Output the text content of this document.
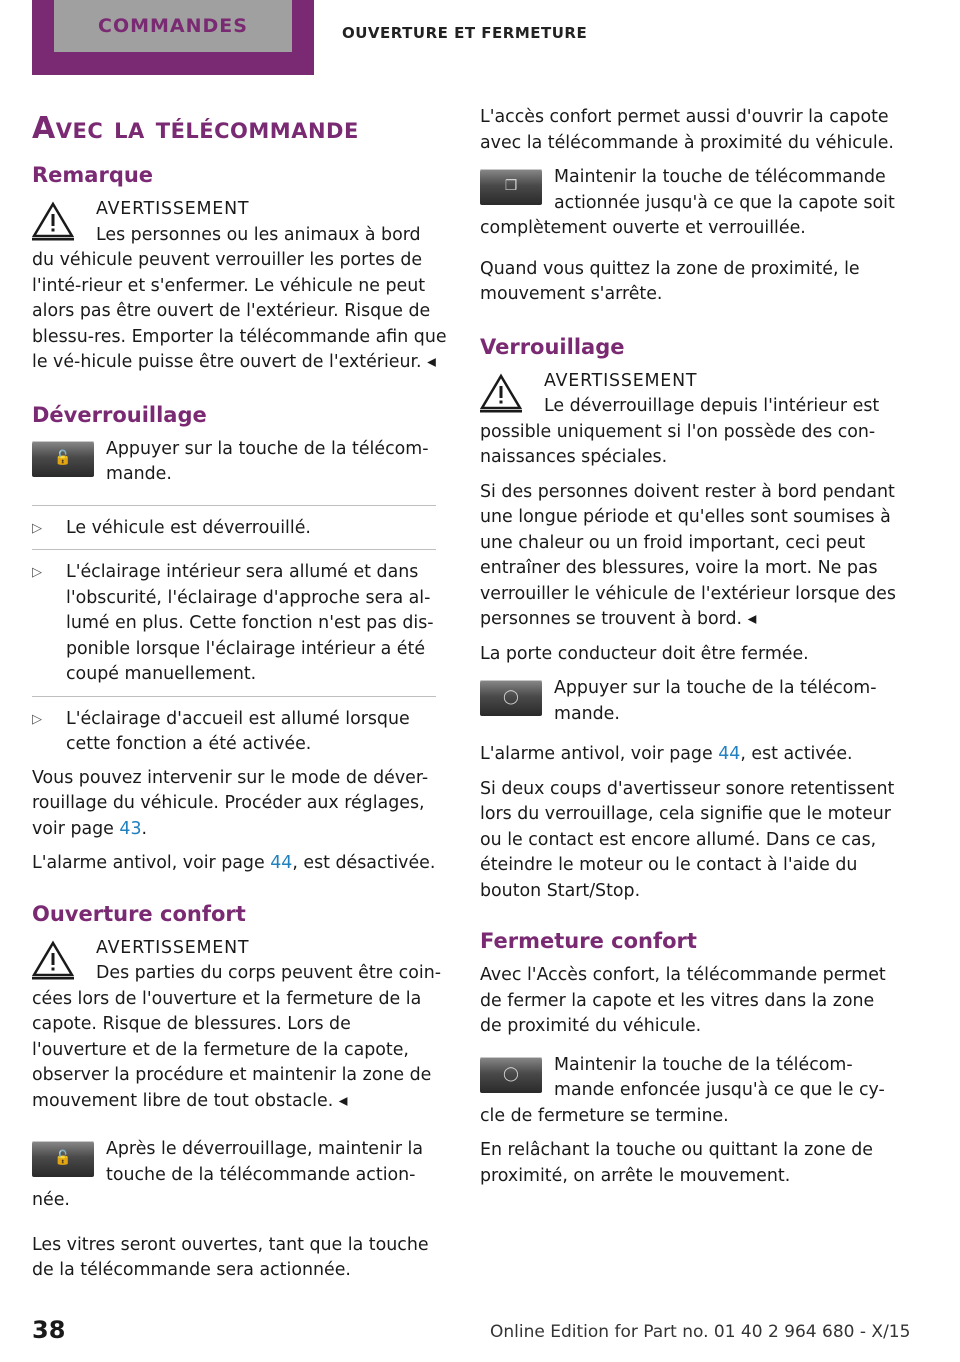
COMMANDES	OUVERTURE ET FERMETURE
Avec la télécommande
Remarque
AVERTISSEMENT

Les personnes ou les animaux à bord du véhicule peuvent verrouiller les portes de l'inté-rieur et s'enfermer. Le véhicule ne peut alors pas être ouvert de l'extérieur. Risque de blessu-res. Emporter la télécommande afin que le vé-hicule puisse être ouvert de l'extérieur. ◂

Déverrouillage
🔓	Appuyer sur la touche de la télécom-mande.

▷	Le véhicule est déverrouillé.
▷	L'éclairage intérieur sera allumé et dans l'obscurité, l'éclairage d'approche sera al-lumé en plus. Cette fonction n'est pas dis-ponible lorsque l'éclairage intérieur a été coupé manuellement.
▷	L'éclairage d'accueil est allumé lorsque cette fonction a été activée.

Vous pouvez intervenir sur le mode de déver-rouillage du véhicule. Procéder aux réglages, voir page 43.

L'alarme antivol, voir page 44, est désactivée.

Ouverture confort
AVERTISSEMENT

Des parties du corps peuvent être coin-cées lors de l'ouverture et la fermeture de la capote. Risque de blessures. Lors de l'ouverture et de la fermeture de la capote, observer la procédure et maintenir la zone de mouvement libre de tout obstacle. ◂

🔓	Après le déverrouillage, maintenir la touche de la télécommande action-née.

Les vitres seront ouvertes, tant que la touche de la télécommande sera actionnée.

L'accès confort permet aussi d'ouvrir la capote avec la télécommande à proximité du véhicule.

❒	Maintenir la touche de télécommande actionnée jusqu'à ce que la capote soit complètement ouverte et verrouillée.

Quand vous quittez la zone de proximité, le mouvement s'arrête.

Verrouillage
AVERTISSEMENT

Le déverrouillage depuis l'intérieur est possible uniquement si l'on possède des con-naissances spéciales.

Si des personnes doivent rester à bord pendant une longue période et qu'elles sont soumises à une chaleur ou un froid important, ceci peut entraîner des blessures, voire la mort. Ne pas verrouiller le véhicule de l'extérieur lorsque des personnes se trouvent à bord. ◂

La porte conducteur doit être fermée.

◯	Appuyer sur la touche de la télécom-mande.

L'alarme antivol, voir page 44, est activée.

Si deux coups d'avertisseur sonore retentissent lors du verrouillage, cela signifie que le moteur ou le contact est encore allumé. Dans ce cas, éteindre le moteur ou le contact à l'aide du bouton Start/Stop.

Fermeture confort

Avec l'Accès confort, la télécommande permet de fermer la capote et les vitres dans la zone de proximité du véhicule.

◯	Maintenir la touche de la télécom-mande enfoncée jusqu'à ce que le cy-cle de fermeture se termine.

En relâchant la touche ou quittant la zone de proximité, on arrête le mouvement.

38	Online Edition for Part no. 01 40 2 964 680 - X/15
